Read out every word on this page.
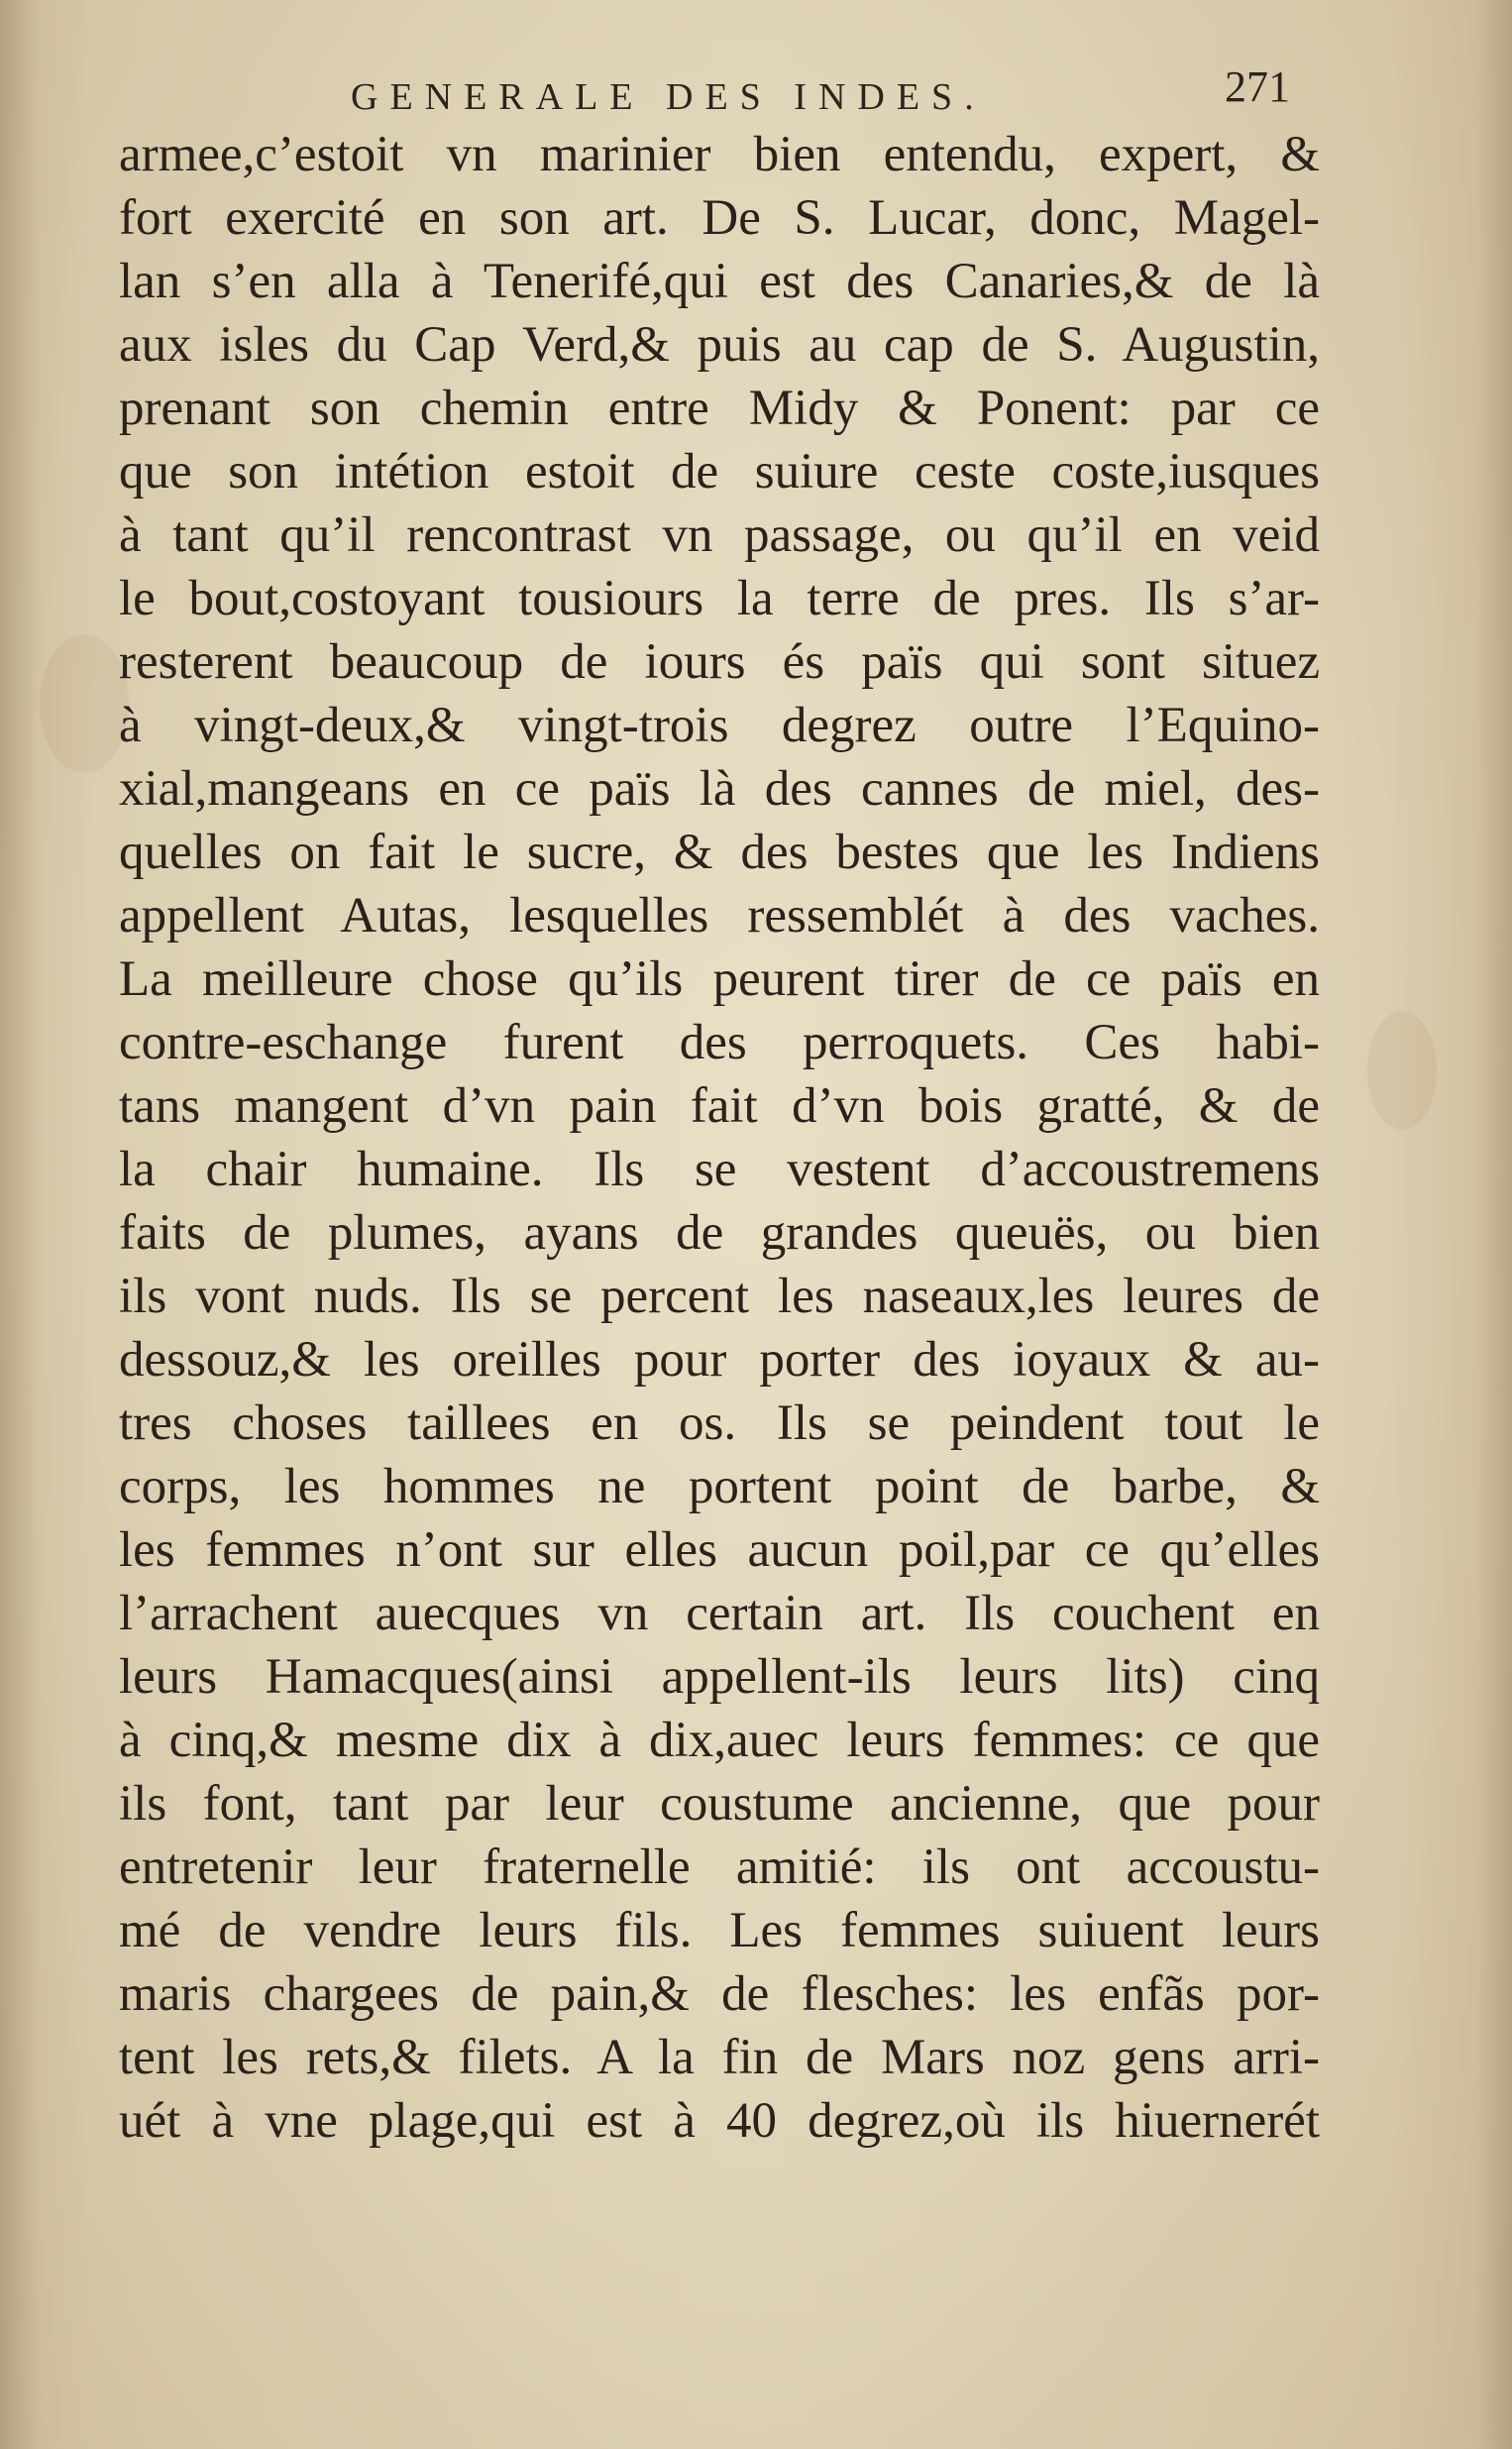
GENERALE DES INDES.	271
armee,c’estoit vn marinier bien entendu, expert, &
fort exercité en son art. De S. Lucar, donc, Magel-
lan s’en alla à Tenerifé,qui est des Canaries,& de là
aux isles du Cap Verd,& puis au cap de S. Augustin,
prenant son chemin entre Midy & Ponent: par ce
que son intétion estoit de suiure ceste coste,iusques
à tant qu’il rencontrast vn passage, ou qu’il en veid
le bout,costoyant tousiours la terre de pres. Ils s’ar-
resterent beaucoup de iours és païs qui sont situez
à vingt-deux,& vingt-trois degrez outre l’Equino-
xial,mangeans en ce païs là des cannes de miel, des-
quelles on fait le sucre, & des bestes que les Indiens
appellent Autas, lesquelles ressemblét à des vaches.
La meilleure chose qu’ils peurent tirer de ce païs en
contre-eschange furent des perroquets. Ces habi-
tans mangent d’vn pain fait d’vn bois gratté, & de
la chair humaine. Ils se vestent d’accoustremens
faits de plumes, ayans de grandes queuës, ou bien
ils vont nuds. Ils se percent les naseaux,les leures de
dessouz,& les oreilles pour porter des ioyaux & au-
tres choses taillees en os. Ils se peindent tout le
corps, les hommes ne portent point de barbe, &
les femmes n’ont sur elles aucun poil,par ce qu’elles
l’arrachent auecques vn certain art. Ils couchent en
leurs Hamacques(ainsi appellent-ils leurs lits) cinq
à cinq,& mesme dix à dix,auec leurs femmes: ce que
ils font, tant par leur coustume ancienne, que pour
entretenir leur fraternelle amitié: ils ont accoustu-
mé de vendre leurs fils. Les femmes suiuent leurs
maris chargees de pain,& de flesches: les enfãs por-
tent les rets,& filets. A la fin de Mars noz gens arri-
uét à vne plage,qui est à 40 degrez,où ils hiuernerét
